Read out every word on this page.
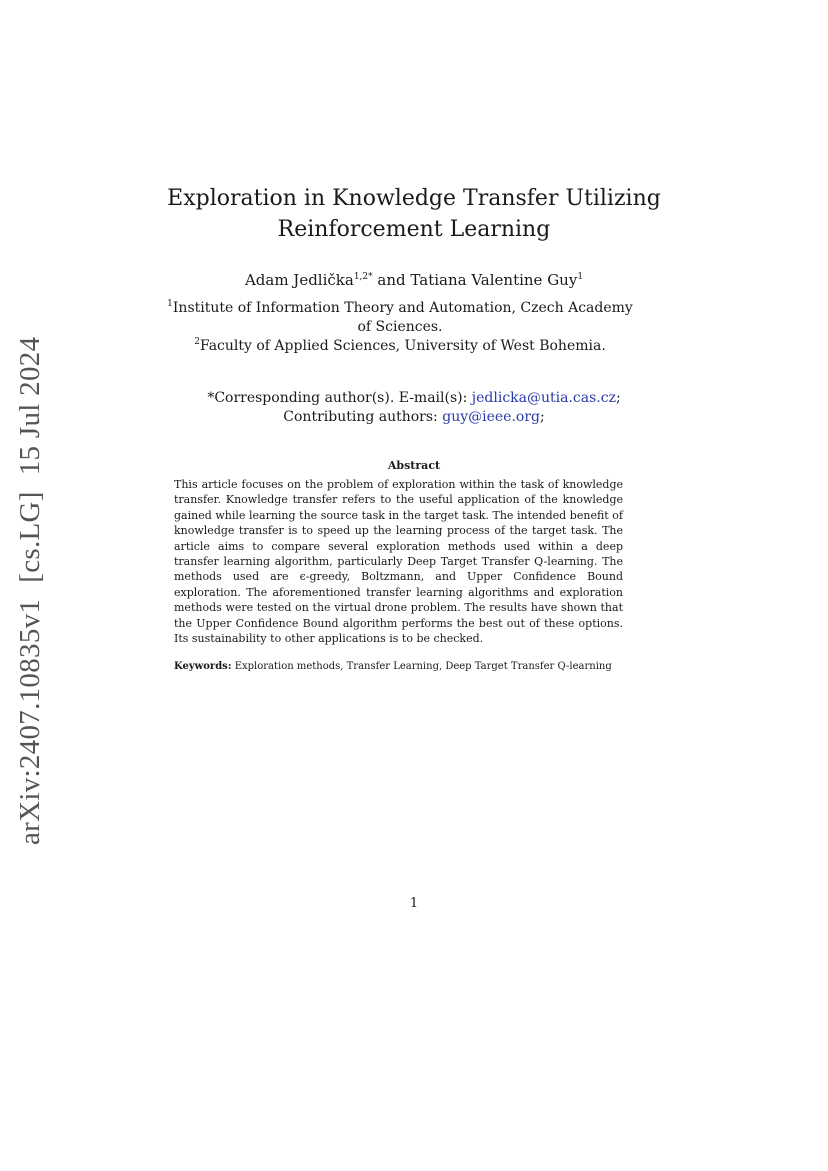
arXiv:2407.10835v1[cs.LG]15 Jul 2024
Exploration in Knowledge Transfer Utilizing
Reinforcement Learning
Adam Jedlička$^{1,2*}$ and Tatiana Valentine Guy$^1$
$^1$Institute of Information Theory and Automation, Czech Academy of Sciences.
$^2$Faculty of Applied Sciences, University of West Bohemia.
*Corresponding author(s). E-mail(s): jedlicka@utia.cas.cz;
Contributing authors: guy@ieee.org;
Abstract
This article focuses on the problem of exploration within the task of knowledge transfer. Knowledge transfer refers to the useful application of the knowledge gained while learning the source task in the target task. The intended benefit of knowledge transfer is to speed up the learning process of the target task. The article aims to compare several exploration methods used within a deep transfer learning algorithm, particularly Deep Target Transfer Q-learning. The methods used are ϵ-greedy, Boltzmann, and Upper Confidence Bound exploration. The aforementioned transfer learning algorithms and exploration methods were tested on the virtual drone problem. The results have shown that the Upper Confidence Bound algorithm performs the best out of these options. Its sustainability to other applications is to be checked.
Keywords: Exploration methods, Transfer Learning, Deep Target Transfer Q-learning
1
